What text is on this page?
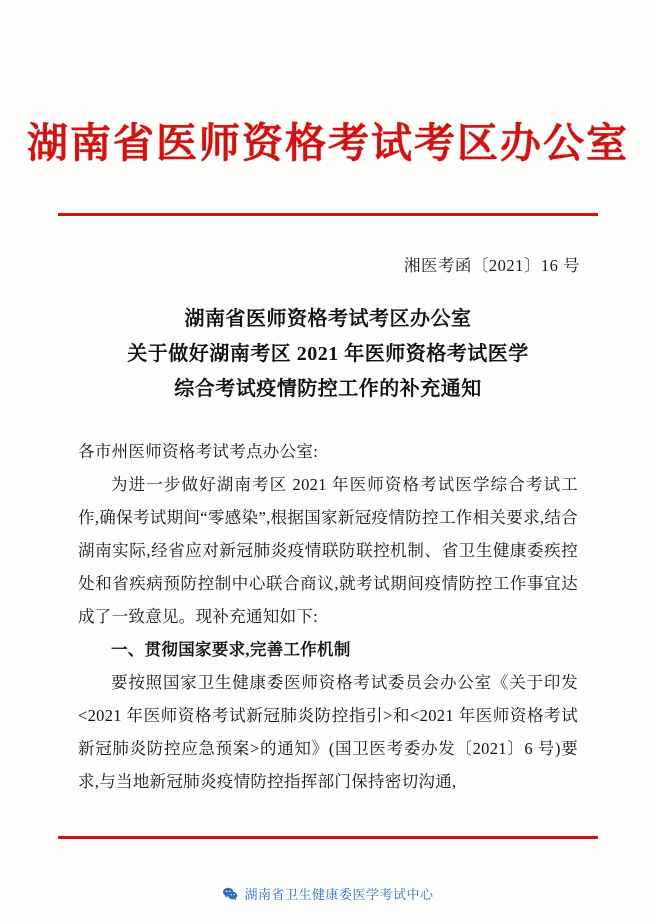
湖南省医师资格考试考区办公室
湘医考函〔2021〕16 号
湖南省医师资格考试考区办公室
关于做好湖南考区 2021 年医师资格考试医学
综合考试疫情防控工作的补充通知

各市州医师资格考试考点办公室:

为进一步做好湖南考区 2021 年医师资格考试医学综合考试工作,确保考试期间“零感染”,根据国家新冠疫情防控工作相关要求,结合湖南实际,经省应对新冠肺炎疫情联防联控机制、省卫生健康委疾控处和省疾病预防控制中心联合商议,就考试期间疫情防控工作事宜达成了一致意见。现补充通知如下:

一、贯彻国家要求,完善工作机制

要按照国家卫生健康委医师资格考试委员会办公室《关于印发<2021 年医师资格考试新冠肺炎防控指引>和<2021 年医师资格考试新冠肺炎防控应急预案>的通知》(国卫医考委办发〔2021〕6 号)要求,与当地新冠肺炎疫情防控指挥部门保持密切沟通,

湖南省卫生健康委医学考试中心
